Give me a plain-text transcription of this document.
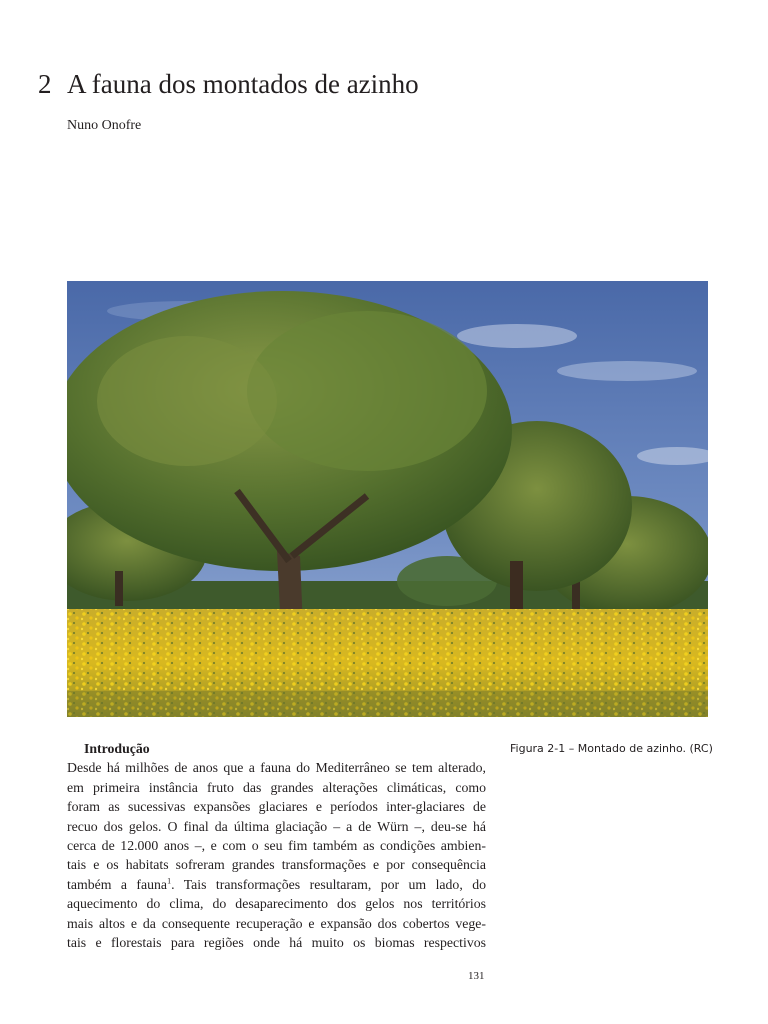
2 A fauna dos montados de azinho
Nuno Onofre
Figura 2-1 – Montado de azinho. (RC)
Introdução
Desde há milhões de anos que a fauna do Mediterrâneo se tem alterado,
em primeira instância fruto das grandes alterações climáticas, como
foram as sucessivas expansões glaciares e períodos inter-glaciares de
recuo dos gelos. O final da última glaciação – a de Würn –, deu-se há
cerca de 12.000 anos –, e com o seu fim também as condições ambien-
tais e os habitats sofreram grandes transformações e por consequência
também a fauna$^1$. Tais transformações resultaram, por um lado, do
aquecimento do clima, do desaparecimento dos gelos nos territórios
mais altos e da consequente recuperação e expansão dos cobertos vege-
tais e florestais para regiões onde há muito os biomas respectivos
131
